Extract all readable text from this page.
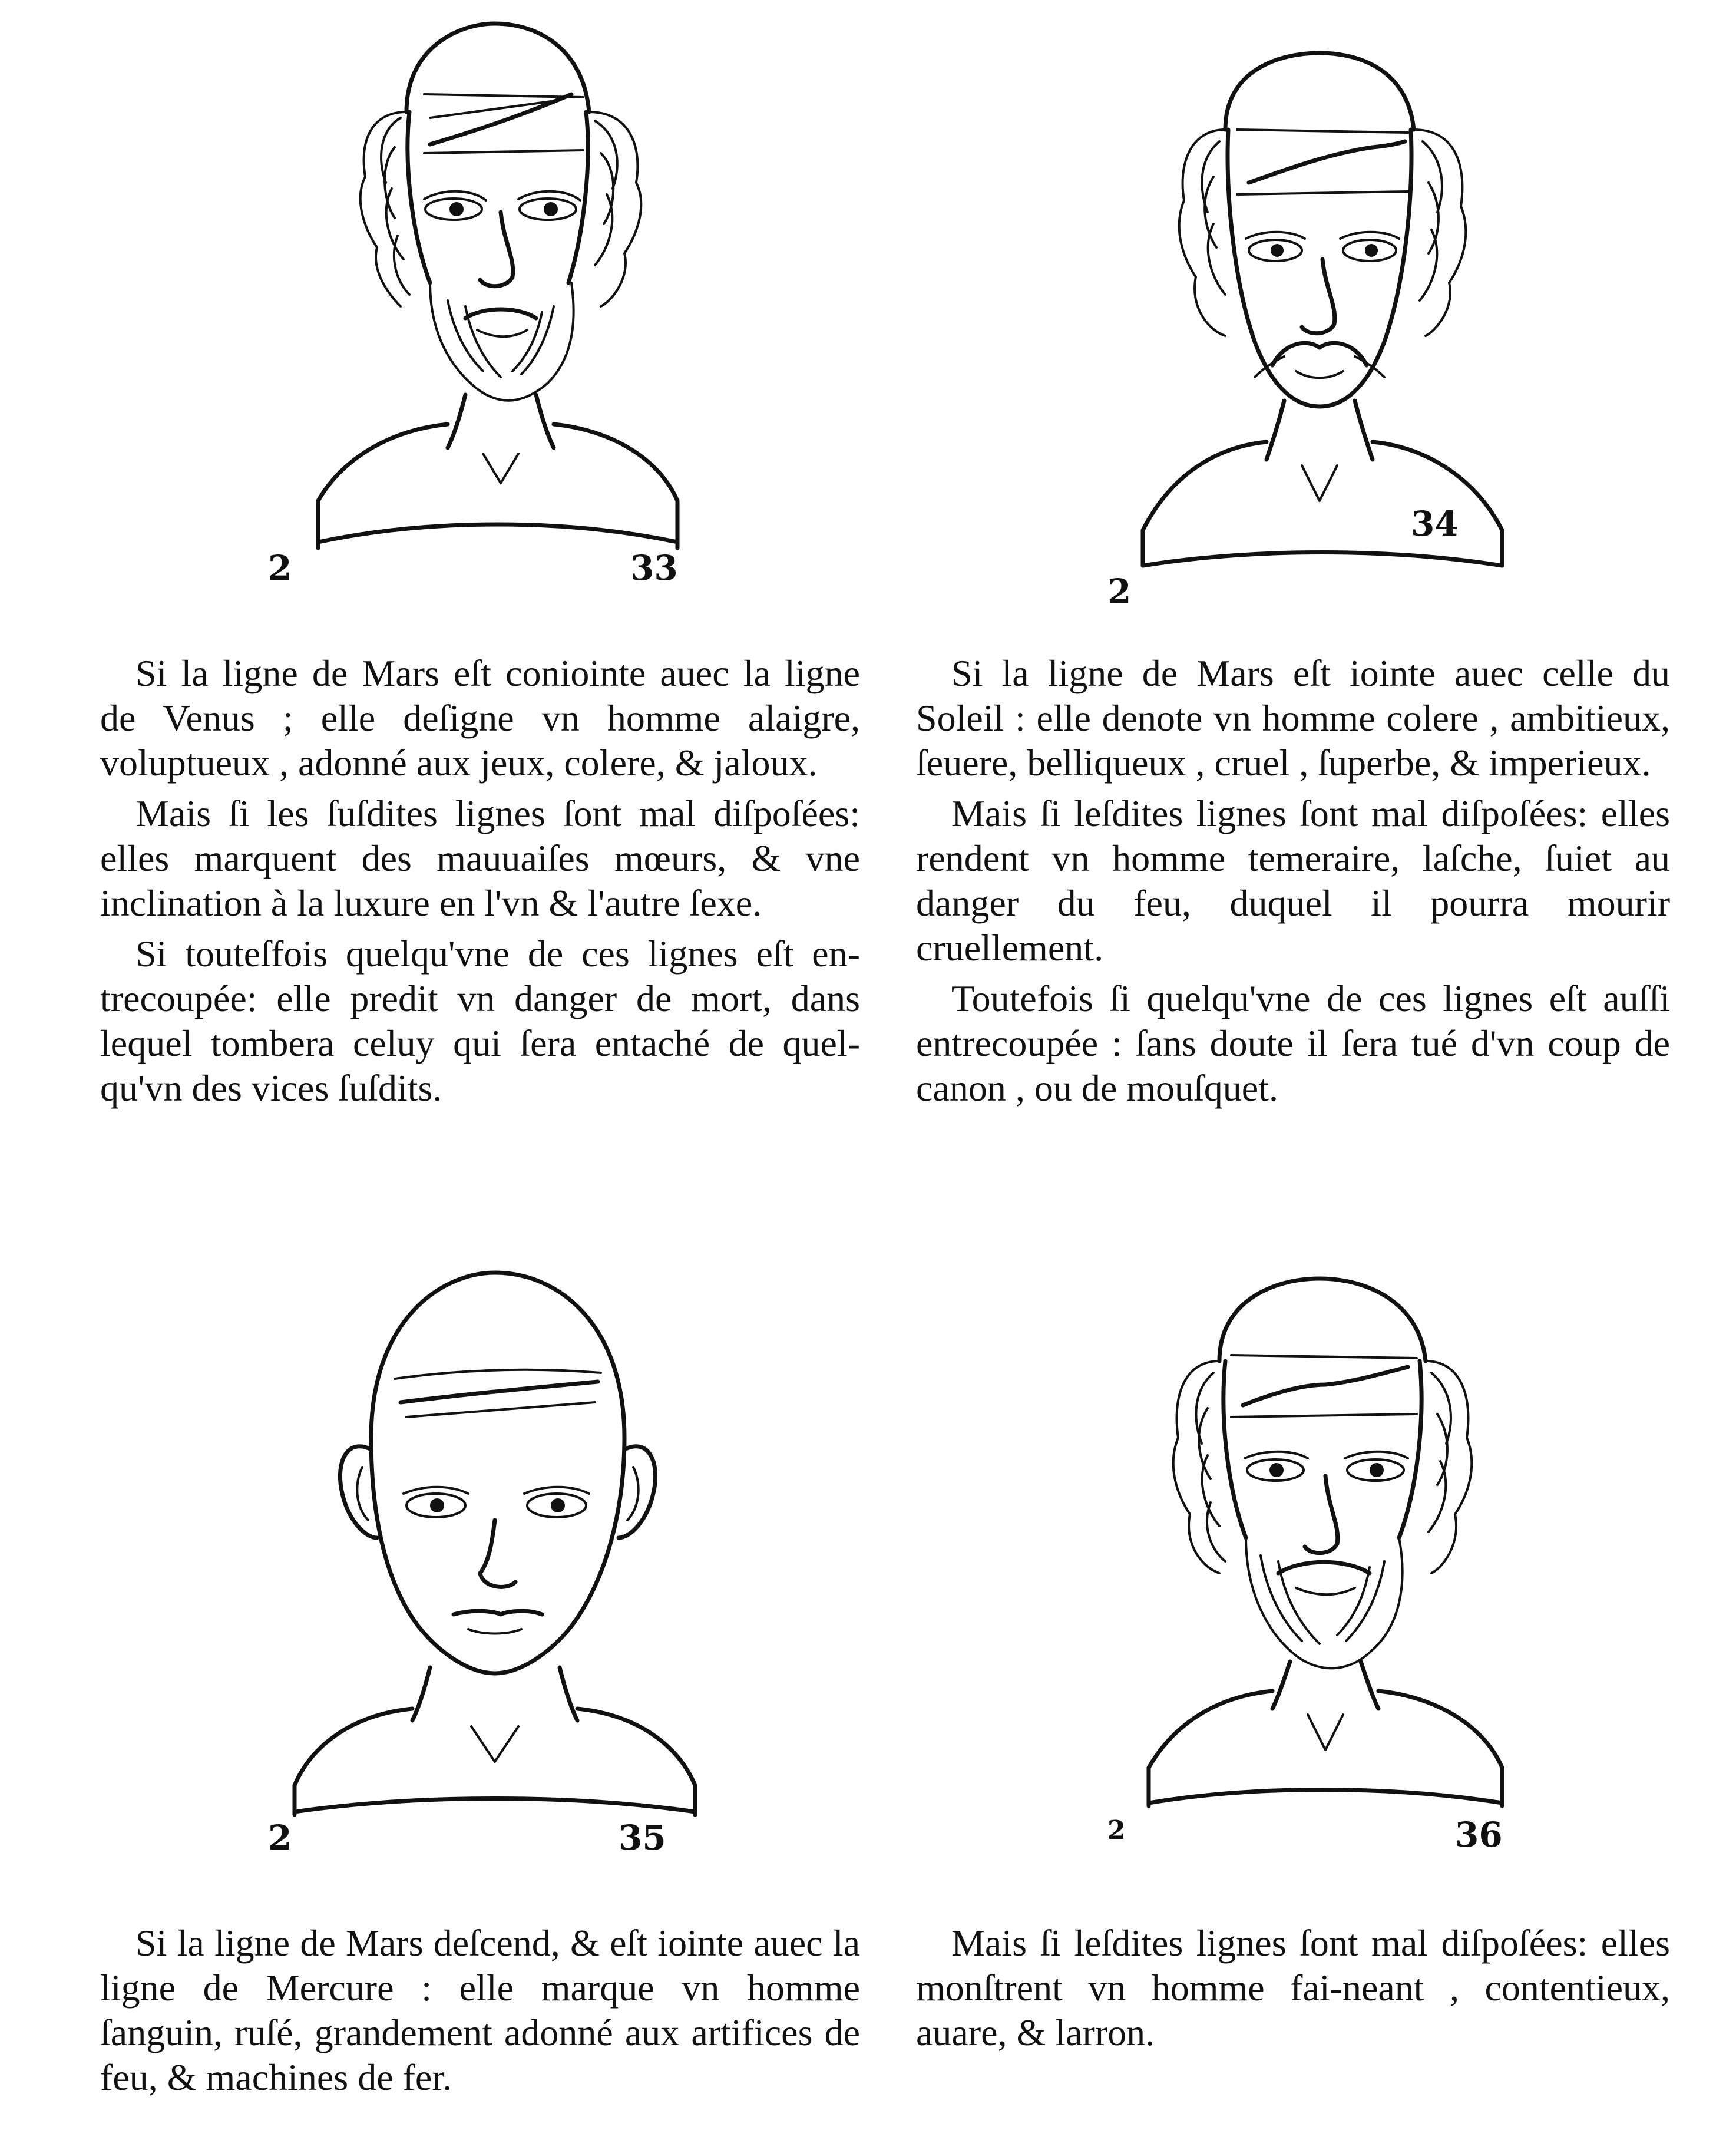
2	33

Si la ligne de Mars eſt coniointe auec la ligne de Venus ; elle deſigne vn homme alaigre, voluptueux , adonné aux jeux, colere, & jaloux.

Mais ſi les ſuſdites lignes ſont mal diſpoſées: elles marquent des mauuaiſes mœurs, & vne inclination à la luxure en l'vn & l'autre ſexe.

Si touteſfois quelqu'vne de ces lignes eſt entrecoupée: elle predit vn danger de mort, dans lequel tombera celuy qui ſera entaché de quelqu'vn des vices ſuſdits.

2
34

Si la ligne de Mars eſt iointe auec celle du Soleil : elle denote vn homme colere , ambitieux, ſeuere, belliqueux , cruel , ſuperbe, & imperieux.

Mais ſi leſdites lignes ſont mal diſpoſées: elles rendent vn homme temeraire, laſche, ſuiet au danger du feu, duquel il pourra mourir cruellement.

Toutefois ſi quelqu'vne de ces lignes eſt auſſi entrecoupée : ſans doute il ſera tué d'vn coup de canon , ou de mouſquet.

2	35

Si la ligne de Mars deſcend, & eſt iointe auec la ligne de Mercure : elle marque vn homme ſanguin, ruſé, grandement adonné aux artifices de feu, & machines de fer.

2	36

Mais ſi leſdites lignes ſont mal diſpoſées: elles monſtrent vn homme fai-neant , contentieux, auare, & larron.
